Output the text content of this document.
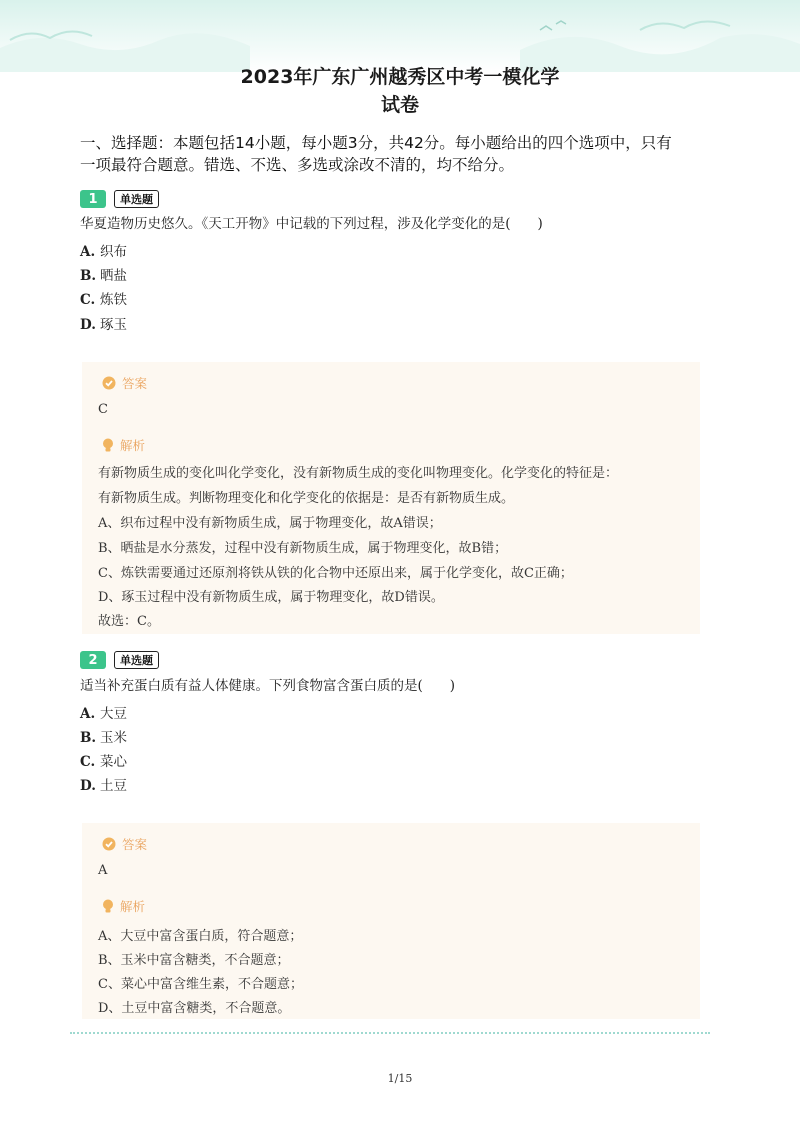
2023年广东广州越秀区中考一模化学
试卷
一、选择题：本题包括14小题，每小题3分，共42分。每小题给出的四个选项中，只有
一项最符合题意。错选、不选、多选或涂改不清的，均不给分。
1	单选题
华夏造物历史悠久。《天工开物》中记载的下列过程，涉及化学变化的是(　　)
A. 织布
B. 晒盐
C. 炼铁
D. 琢玉
答案
C
解析
有新物质生成的变化叫化学变化，没有新物质生成的变化叫物理变化。化学变化的特征是：
有新物质生成。判断物理变化和化学变化的依据是：是否有新物质生成。
A、织布过程中没有新物质生成，属于物理变化，故A错误；
B、晒盐是水分蒸发，过程中没有新物质生成，属于物理变化，故B错；
C、炼铁需要通过还原剂将铁从铁的化合物中还原出来，属于化学变化，故C正确；
D、琢玉过程中没有新物质生成，属于物理变化，故D错误。
故选：C。
2	单选题
适当补充蛋白质有益人体健康。下列食物富含蛋白质的是(　　)
A. 大豆
B. 玉米
C. 菜心
D. 土豆
答案
A
解析
A、大豆中富含蛋白质，符合题意；
B、玉米中富含糖类，不合题意；
C、菜心中富含维生素，不合题意；
D、土豆中富含糖类，不合题意。
1/15
